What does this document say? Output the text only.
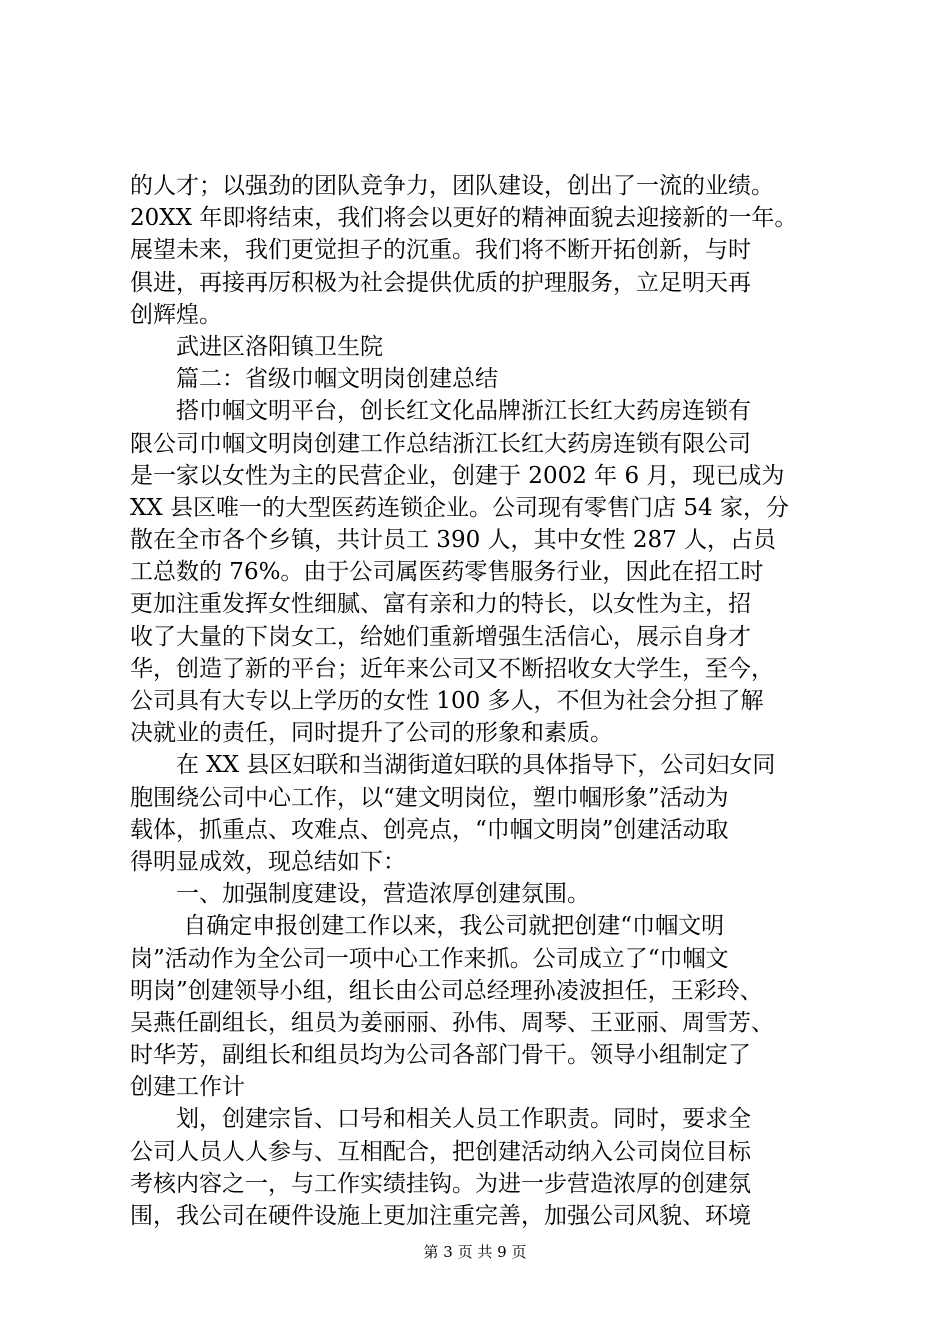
的人才；以强劲的团队竞争力，团队建设，创出了一流的业绩。
20XX 年即将结束，我们将会以更好的精神面貌去迎接新的一年。
展望未来，我们更觉担子的沉重。我们将不断开拓创新，与时
俱进，再接再厉积极为社会提供优质的护理服务，立足明天再
创辉煌。
　　武进区洛阳镇卫生院
　　篇二：省级巾帼文明岗创建总结
　　搭巾帼文明平台，创长红文化品牌浙江长红大药房连锁有
限公司巾帼文明岗创建工作总结浙江长红大药房连锁有限公司
是一家以女性为主的民营企业，创建于 2002 年 6 月，现已成为
XX 县区唯一的大型医药连锁企业。公司现有零售门店 54 家，分
散在全市各个乡镇，共计员工 390 人，其中女性 287 人，占员
工总数的 76%。由于公司属医药零售服务行业，因此在招工时
更加注重发挥女性细腻、富有亲和力的特长，以女性为主，招
收了大量的下岗女工，给她们重新增强生活信心，展示自身才
华，创造了新的平台；近年来公司又不断招收女大学生，至今，
公司具有大专以上学历的女性 100 多人，不但为社会分担了解
决就业的责任，同时提升了公司的形象和素质。
　　在 XX 县区妇联和当湖街道妇联的具体指导下，公司妇女同
胞围绕公司中心工作，以“建文明岗位，塑巾帼形象”活动为
载体，抓重点、攻难点、创亮点，“巾帼文明岗”创建活动取
得明显成效，现总结如下：
　　一、加强制度建设，营造浓厚创建氛围。
　　 自确定申报创建工作以来，我公司就把创建“巾帼文明
岗”活动作为全公司一项中心工作来抓。公司成立了“巾帼文
明岗”创建领导小组，组长由公司总经理孙凌波担任，王彩玲、
吴燕任副组长，组员为姜丽丽、孙伟、周琴、王亚丽、周雪芳、
时华芳，副组长和组员均为公司各部门骨干。领导小组制定了
创建工作计
　　划，创建宗旨、口号和相关人员工作职责。同时，要求全
公司人员人人参与、互相配合，把创建活动纳入公司岗位目标
考核内容之一，与工作实绩挂钩。为进一步营造浓厚的创建氛
围，我公司在硬件设施上更加注重完善，加强公司风貌、环境
第 3 页 共 9 页
